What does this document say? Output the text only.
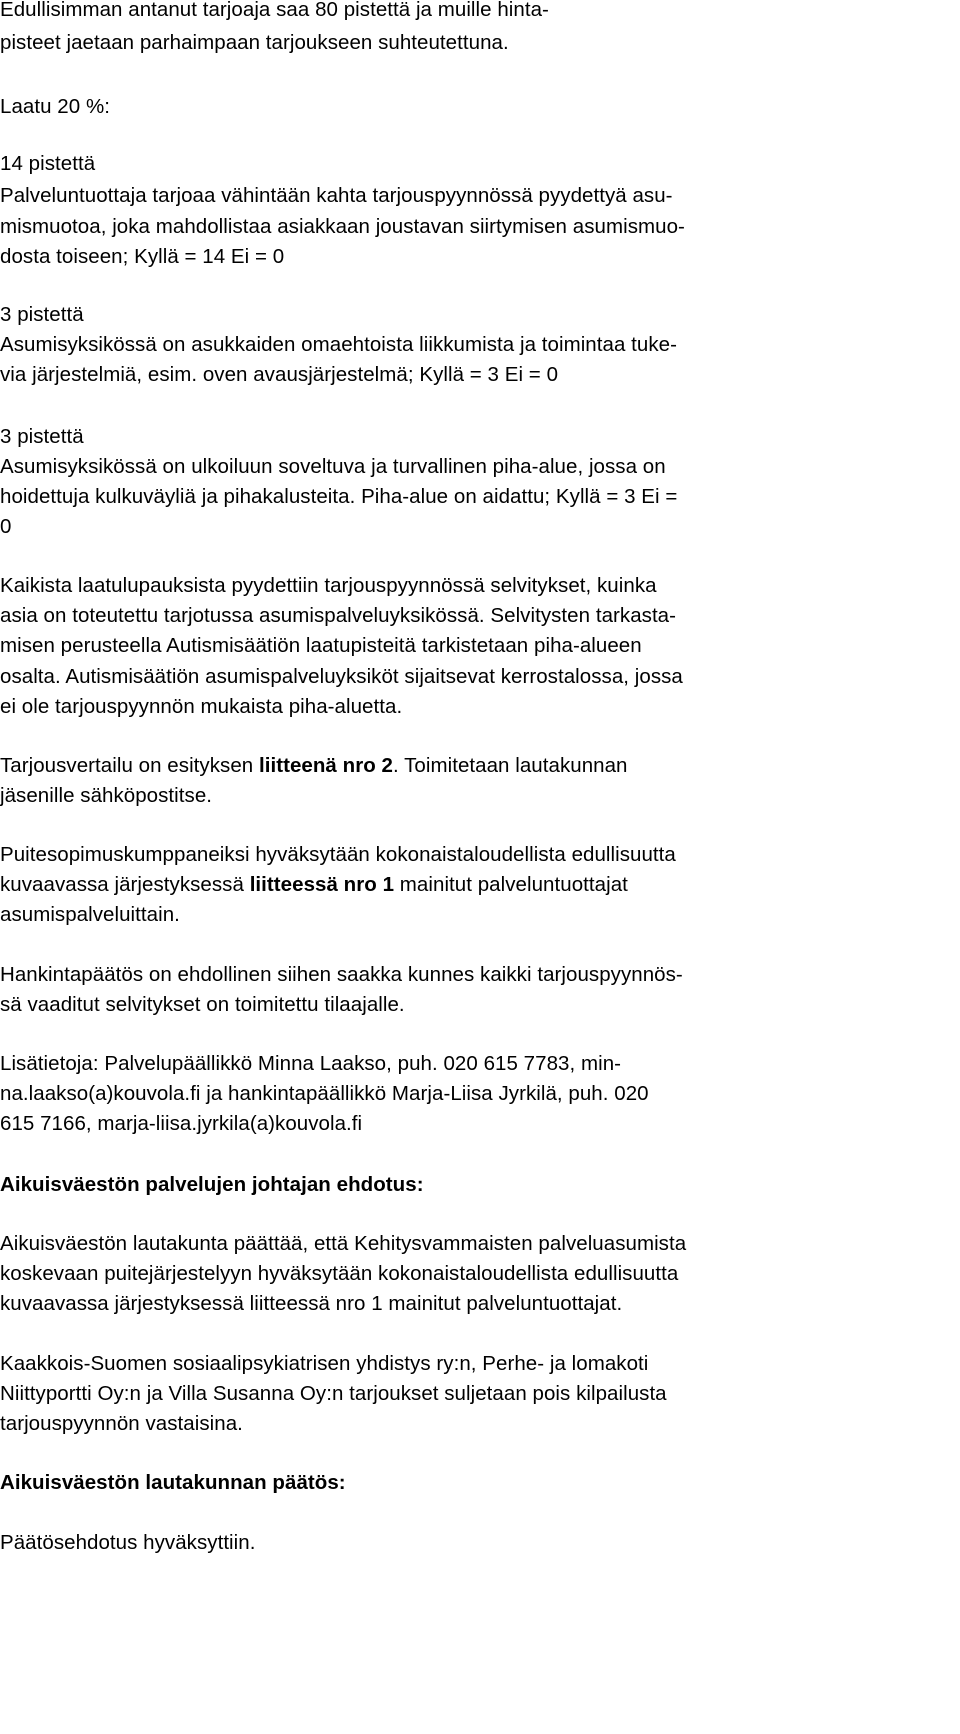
Edullisimman antanut tarjoaja saa 80 pistettä ja muille hinta-
pisteet jaetaan parhaimpaan tarjoukseen suhteutettuna.
Laatu 20 %:
14 pistettä
Palveluntuottaja tarjoaa vähintään kahta tarjouspyynnössä pyydettyä asu-
mismuotoa, joka mahdollistaa asiakkaan joustavan siirtymisen asumismuo-
dosta toiseen; Kyllä = 14 Ei = 0
3 pistettä
Asumisyksikössä on asukkaiden omaehtoista liikkumista ja toimintaa tuke-
via järjestelmiä, esim. oven avausjärjestelmä; Kyllä = 3 Ei = 0
3 pistettä
Asumisyksikössä on ulkoiluun soveltuva ja turvallinen piha-alue, jossa on
hoidettuja kulkuväyliä ja pihakalusteita. Piha-alue on aidattu; Kyllä = 3 Ei =
0
Kaikista laatulupauksista pyydettiin tarjouspyynnössä selvitykset, kuinka
asia on toteutettu tarjotussa asumispalveluyksikössä. Selvitysten tarkasta-
misen perusteella Autismisäätiön laatupisteitä tarkistetaan piha-alueen
osalta. Autismisäätiön asumispalveluyksiköt sijaitsevat kerrostalossa, jossa
ei ole tarjouspyynnön mukaista piha-aluetta.
Tarjousvertailu on esityksen liitteenä nro 2. Toimitetaan lautakunnan
jäsenille sähköpostitse.
Puitesopimuskumppaneiksi hyväksytään kokonaistaloudellista edullisuutta
kuvaavassa järjestyksessä liitteessä nro 1 mainitut palveluntuottajat
asumispalveluittain.
Hankintapäätös on ehdollinen siihen saakka kunnes kaikki tarjouspyynnös-
sä vaaditut selvitykset on toimitettu tilaajalle.
Lisätietoja: Palvelupäällikkö Minna Laakso, puh. 020 615 7783, min-
na.laakso(a)kouvola.fi ja hankintapäällikkö Marja-Liisa Jyrkilä, puh. 020
615 7166, marja-liisa.jyrkila(a)kouvola.fi
Aikuisväestön palvelujen johtajan ehdotus:
Aikuisväestön lautakunta päättää, että Kehitysvammaisten palveluasumista
koskevaan puitejärjestelyyn hyväksytään kokonaistaloudellista edullisuutta
kuvaavassa järjestyksessä liitteessä nro 1 mainitut palveluntuottajat.
Kaakkois-Suomen sosiaalipsykiatrisen yhdistys ry:n, Perhe- ja lomakoti
Niittyportti Oy:n ja Villa Susanna Oy:n tarjoukset suljetaan pois kilpailusta
tarjouspyynnön vastaisina.
Aikuisväestön lautakunnan päätös:
Päätösehdotus hyväksyttiin.
